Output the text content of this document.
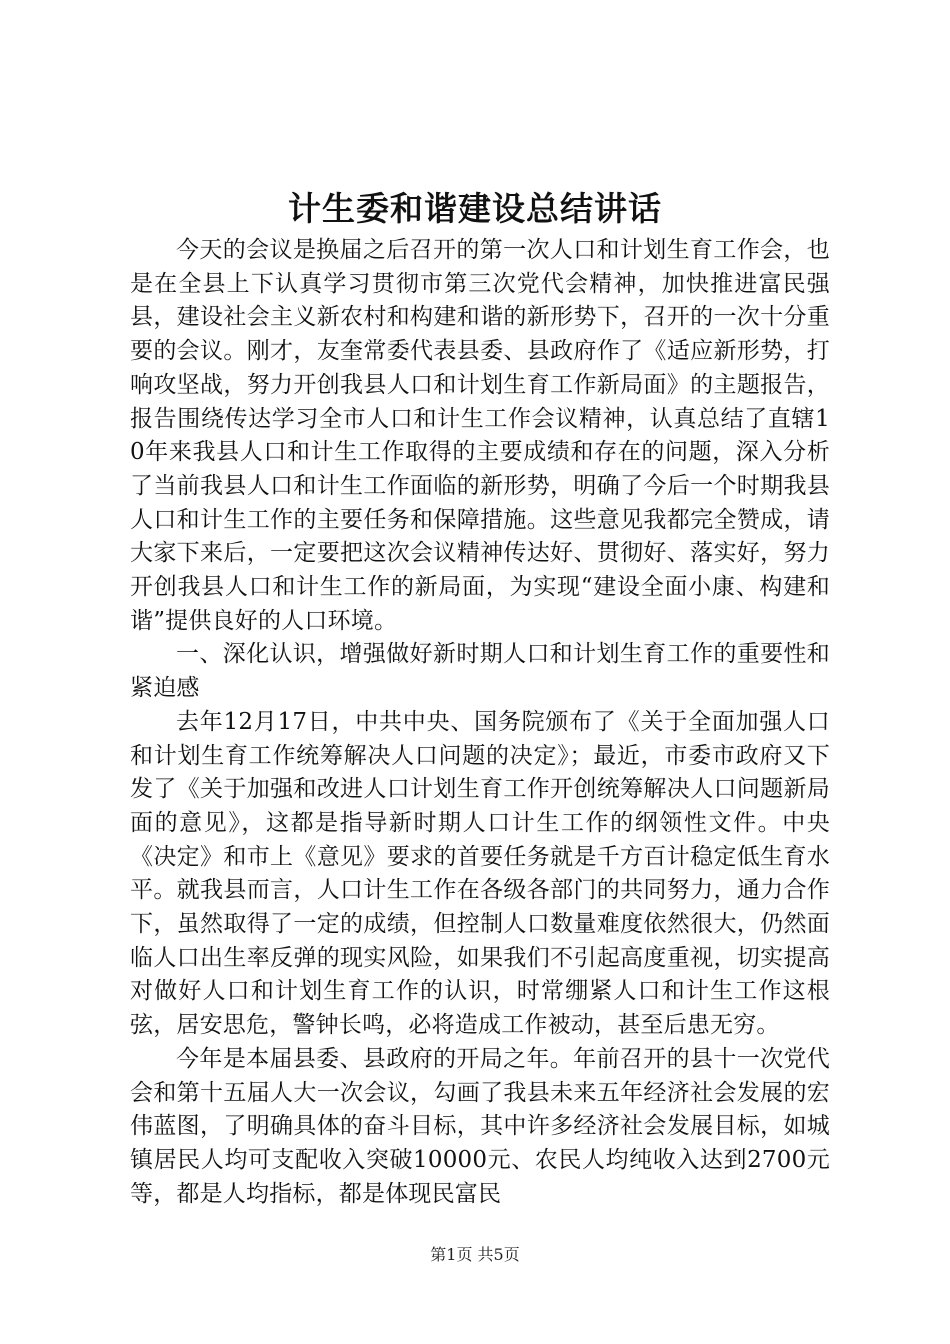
计生委和谐建设总结讲话

今天的会议是换届之后召开的第一次人口和计划生育工作会，也是在全县上下认真学习贯彻市第三次党代会精神，加快推进富民强县，建设社会主义新农村和构建和谐的新形势下，召开的一次十分重要的会议。刚才，友奎常委代表县委、县政府作了《适应新形势，打响攻坚战，努力开创我县人口和计划生育工作新局面》的主题报告，报告围绕传达学习全市人口和计生工作会议精神，认真总结了直辖10年来我县人口和计生工作取得的主要成绩和存在的问题，深入分析了当前我县人口和计生工作面临的新形势，明确了今后一个时期我县人口和计生工作的主要任务和保障措施。这些意见我都完全赞成，请大家下来后，一定要把这次会议精神传达好、贯彻好、落实好，努力开创我县人口和计生工作的新局面，为实现“建设全面小康、构建和谐”提供良好的人口环境。

一、深化认识，增强做好新时期人口和计划生育工作的重要性和紧迫感

去年12月17日，中共中央、国务院颁布了《关于全面加强人口和计划生育工作统筹解决人口问题的决定》；最近，市委市政府又下发了《关于加强和改进人口计划生育工作开创统筹解决人口问题新局面的意见》，这都是指导新时期人口计生工作的纲领性文件。中央《决定》和市上《意见》要求的首要任务就是千方百计稳定低生育水平。就我县而言，人口计生工作在各级各部门的共同努力，通力合作下，虽然取得了一定的成绩，但控制人口数量难度依然很大，仍然面临人口出生率反弹的现实风险，如果我们不引起高度重视，切实提高对做好人口和计划生育工作的认识，时常绷紧人口和计生工作这根弦，居安思危，警钟长鸣，必将造成工作被动，甚至后患无穷。

今年是本届县委、县政府的开局之年。年前召开的县十一次党代会和第十五届人大一次会议，勾画了我县未来五年经济社会发展的宏伟蓝图，了明确具体的奋斗目标，其中许多经济社会发展目标，如城镇居民人均可支配收入突破10000元、农民人均纯收入达到2700元等，都是人均指标，都是体现民富民

第1页 共5页
